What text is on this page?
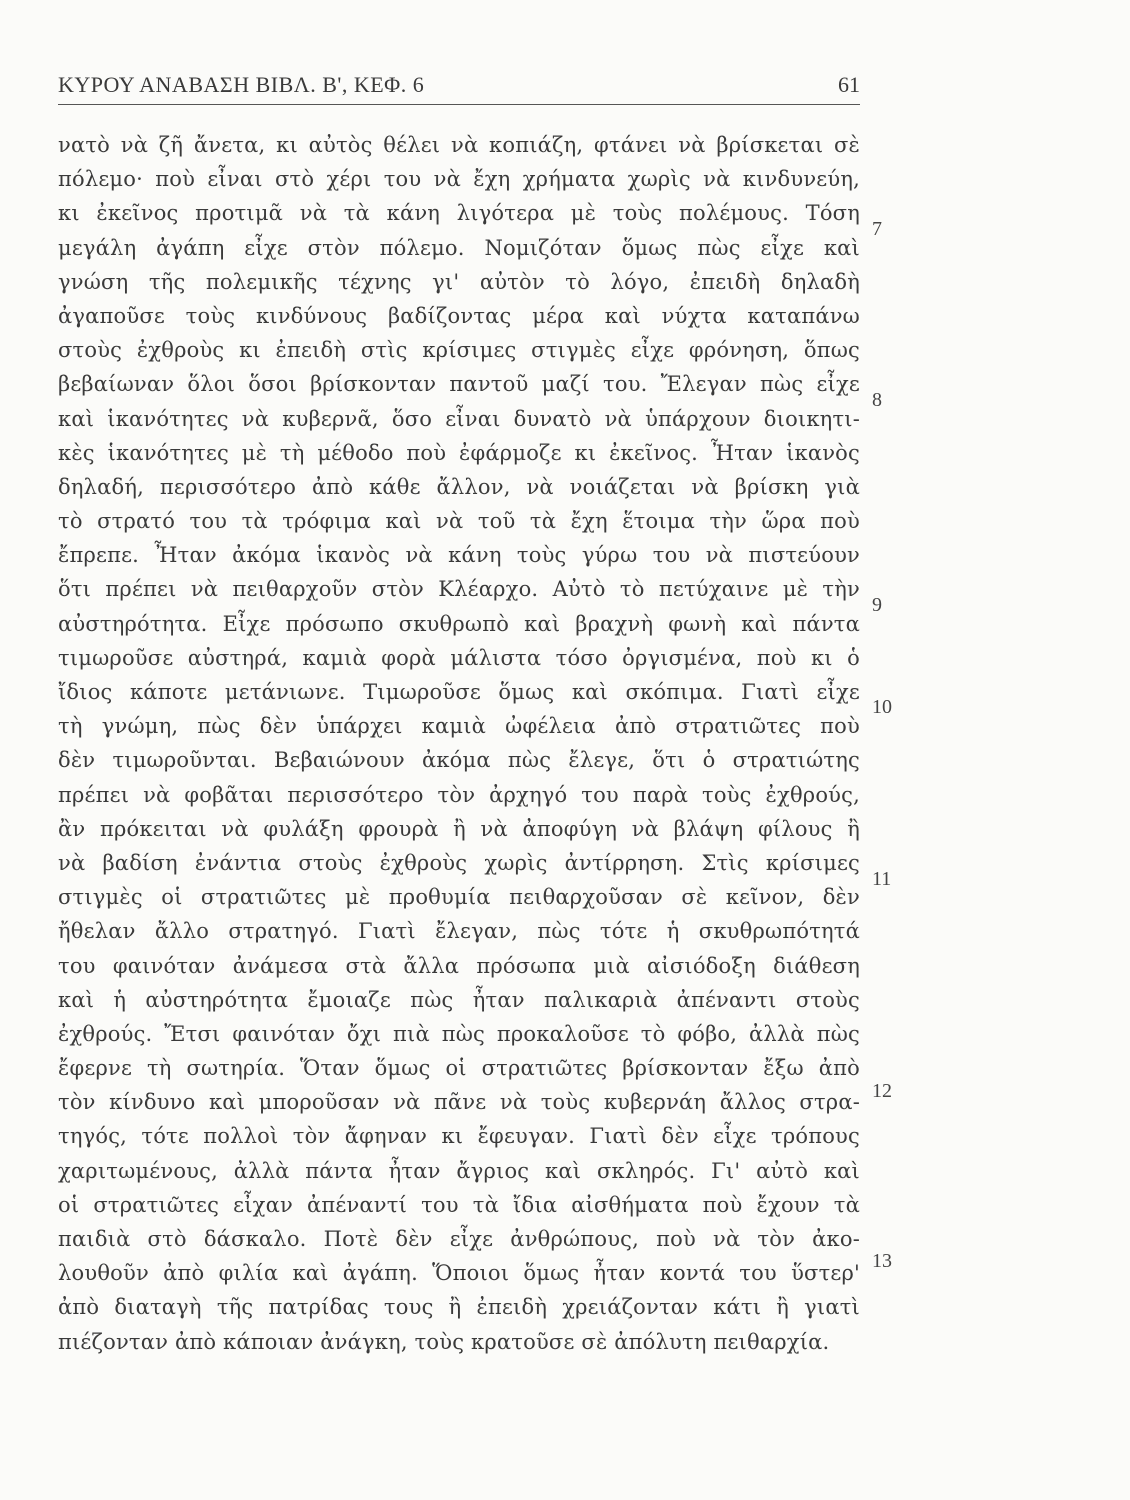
ΚΥΡΟΥ ΑΝΑΒΑΣΗ ΒΙΒΛ. Β', ΚΕΦ. 6	61
νατὸ νὰ ζῆ ἄνετα, κι αὐτὸς θέλει νὰ κοπιάζη, φτάνει νὰ βρίσκεται σὲ
πόλεμο· ποὺ εἶναι στὸ χέρι του νὰ ἔχη χρήματα χωρὶς νὰ κινδυνεύη,
κι ἐκεῖνος προτιμᾶ νὰ τὰ κάνη λιγότερα μὲ τοὺς πολέμους. Τόση
μεγάλη ἀγάπη εἶχε στὸν πόλεμο. Νομιζόταν ὅμως πὼς εἶχε καὶ
γνώση τῆς πολεμικῆς τέχνης γι' αὐτὸν τὸ λόγο, ἐπειδὴ δηλαδὴ
ἀγαποῦσε τοὺς κινδύνους βαδίζοντας μέρα καὶ νύχτα καταπάνω
στοὺς ἐχθροὺς κι ἐπειδὴ στὶς κρίσιμες στιγμὲς εἶχε φρόνηση, ὅπως
βεβαίωναν ὅλοι ὅσοι βρίσκονταν παντοῦ μαζί του. Ἔλεγαν πὼς εἶχε
καὶ ἱκανότητες νὰ κυβερνᾶ, ὅσο εἶναι δυνατὸ νὰ ὑπάρχουν διοικητι-
κὲς ἱκανότητες μὲ τὴ μέθοδο ποὺ ἐφάρμοζε κι ἐκεῖνος. Ἦταν ἱκανὸς
δηλαδή, περισσότερο ἀπὸ κάθε ἄλλον, νὰ νοιάζεται νὰ βρίσκη γιὰ
τὸ στρατό του τὰ τρόφιμα καὶ νὰ τοῦ τὰ ἔχη ἕτοιμα τὴν ὥρα ποὺ
ἔπρεπε. Ἦταν ἀκόμα ἱκανὸς νὰ κάνη τοὺς γύρω του νὰ πιστεύουν
ὅτι πρέπει νὰ πειθαρχοῦν στὸν Κλέαρχο. Αὐτὸ τὸ πετύχαινε μὲ τὴν
αὐστηρότητα. Εἶχε πρόσωπο σκυθρωπὸ καὶ βραχνὴ φωνὴ καὶ πάντα
τιμωροῦσε αὐστηρά, καμιὰ φορὰ μάλιστα τόσο ὀργισμένα, ποὺ κι ὁ
ἴδιος κάποτε μετάνιωνε. Τιμωροῦσε ὅμως καὶ σκόπιμα. Γιατὶ εἶχε
τὴ γνώμη, πὼς δὲν ὑπάρχει καμιὰ ὠφέλεια ἀπὸ στρατιῶτες ποὺ
δὲν τιμωροῦνται. Βεβαιώνουν ἀκόμα πὼς ἔλεγε, ὅτι ὁ στρατιώτης
πρέπει νὰ φοβᾶται περισσότερο τὸν ἀρχηγό του παρὰ τοὺς ἐχθρούς,
ἂν πρόκειται νὰ φυλάξη φρουρὰ ἢ νὰ ἀποφύγη νὰ βλάψη φίλους ἢ
νὰ βαδίση ἐνάντια στοὺς ἐχθροὺς χωρὶς ἀντίρρηση. Στὶς κρίσιμες
στιγμὲς οἱ στρατιῶτες μὲ προθυμία πειθαρχοῦσαν σὲ κεῖνον, δὲν
ἤθελαν ἄλλο στρατηγό. Γιατὶ ἔλεγαν, πὼς τότε ἡ σκυθρωπότητά
του φαινόταν ἀνάμεσα στὰ ἄλλα πρόσωπα μιὰ αἰσιόδοξη διάθεση
καὶ ἡ αὐστηρότητα ἔμοιαζε πὼς ἦταν παλικαριὰ ἀπέναντι στοὺς
ἐχθρούς. Ἔτσι φαινόταν ὄχι πιὰ πὼς προκαλοῦσε τὸ φόβο, ἀλλὰ πὼς
ἔφερνε τὴ σωτηρία. Ὅταν ὅμως οἱ στρατιῶτες βρίσκονταν ἔξω ἀπὸ
τὸν κίνδυνο καὶ μποροῦσαν νὰ πᾶνε νὰ τοὺς κυβερνάη ἄλλος στρα-
τηγός, τότε πολλοὶ τὸν ἄφηναν κι ἔφευγαν. Γιατὶ δὲν εἶχε τρόπους
χαριτωμένους, ἀλλὰ πάντα ἦταν ἄγριος καὶ σκληρός. Γι' αὐτὸ καὶ
οἱ στρατιῶτες εἶχαν ἀπέναντί του τὰ ἴδια αἰσθήματα ποὺ ἔχουν τὰ
παιδιὰ στὸ δάσκαλο. Ποτὲ δὲν εἶχε ἀνθρώπους, ποὺ νὰ τὸν ἀκο-
λουθοῦν ἀπὸ φιλία καὶ ἀγάπη. Ὅποιοι ὅμως ἦταν κοντά του ὕστερ'
ἀπὸ διαταγὴ τῆς πατρίδας τους ἢ ἐπειδὴ χρειάζονταν κάτι ἢ γιατὶ
πιέζονταν ἀπὸ κάποιαν ἀνάγκη, τοὺς κρατοῦσε σὲ ἀπόλυτη πειθαρχία.
7
8
9
10
11
12
13
